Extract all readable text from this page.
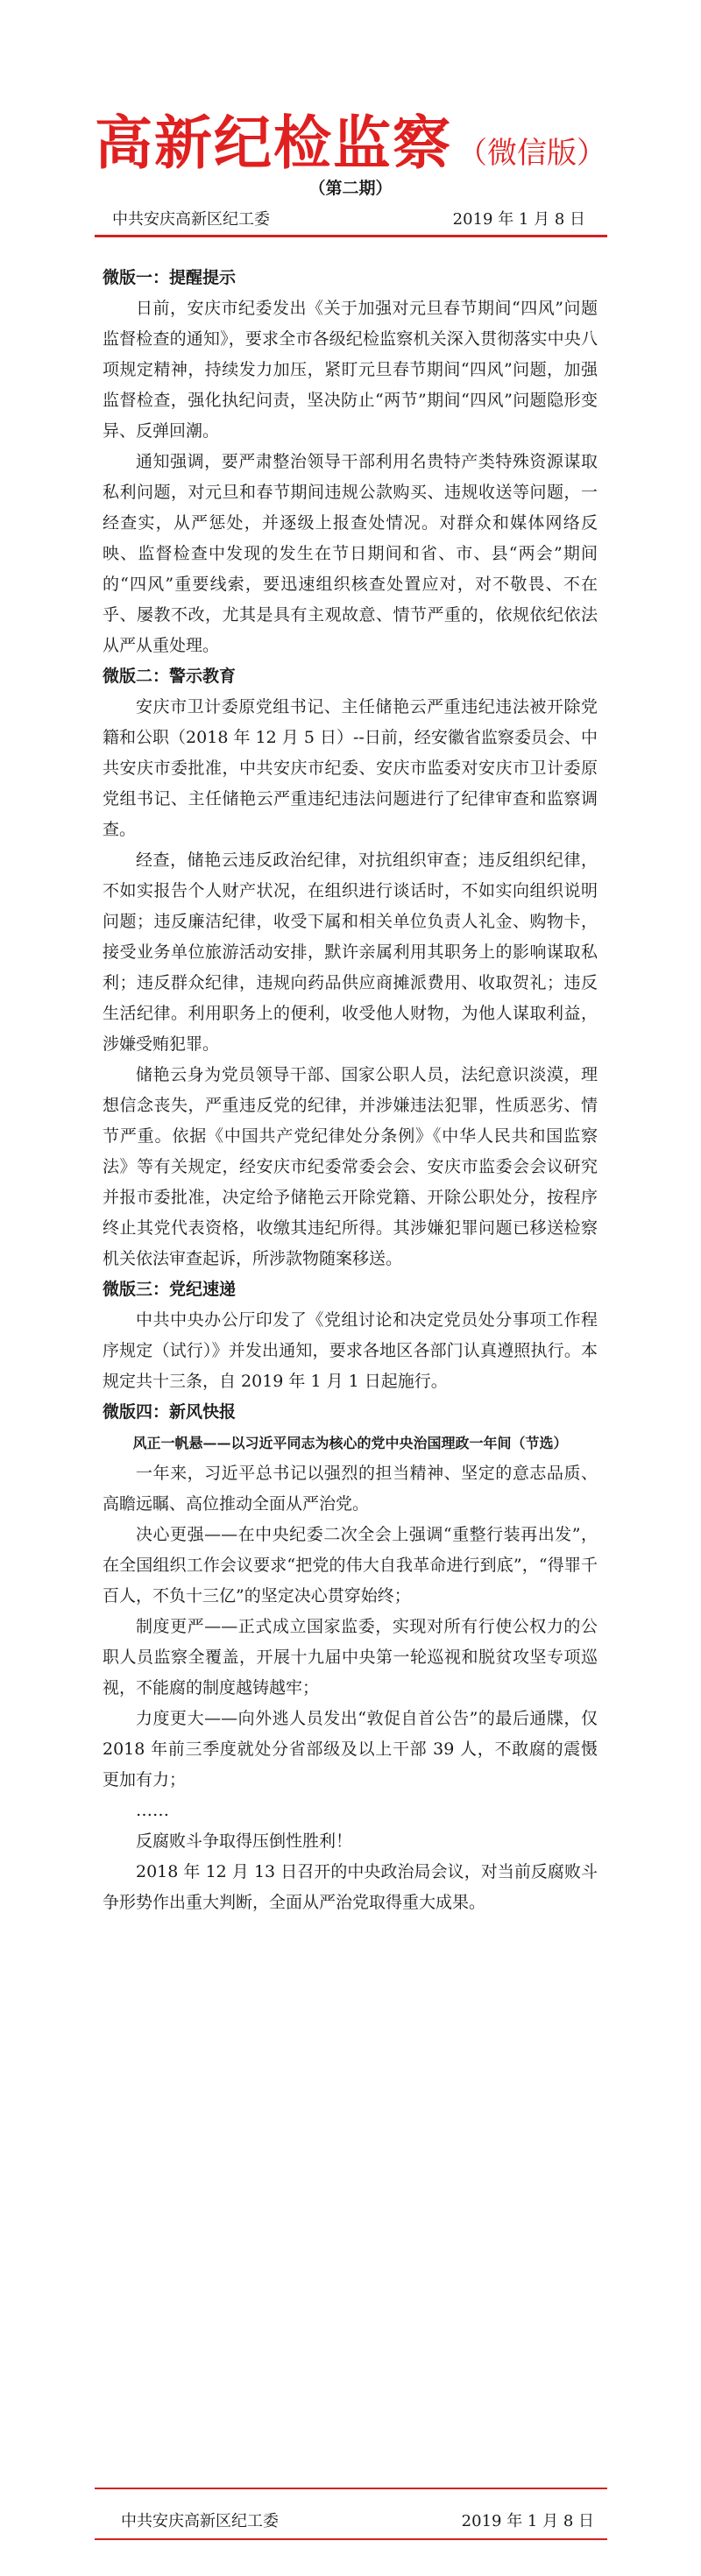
高新纪检监察 （微信版）
（第二期）
中共安庆高新区纪工委	2019 年 1 月 8 日
微版一：提醒提示

日前，安庆市纪委发出《关于加强对元旦春节期间“四风”问题监督检查的通知》，要求全市各级纪检监察机关深入贯彻落实中央八项规定精神，持续发力加压，紧盯元旦春节期间“四风”问题，加强监督检查，强化执纪问责，坚决防止“两节”期间“四风”问题隐形变异、反弹回潮。

通知强调，要严肃整治领导干部利用名贵特产类特殊资源谋取私利问题，对元旦和春节期间违规公款购买、违规收送等问题，一经查实，从严惩处，并逐级上报查处情况。对群众和媒体网络反映、监督检查中发现的发生在节日期间和省、市、县“两会”期间的“四风”重要线索，要迅速组织核查处置应对，对不敬畏、不在乎、屡教不改，尤其是具有主观故意、情节严重的，依规依纪依法从严从重处理。

微版二：警示教育

安庆市卫计委原党组书记、主任储艳云严重违纪违法被开除党籍和公职（2018 年 12 月 5 日）--日前，经安徽省监察委员会、中共安庆市委批准，中共安庆市纪委、安庆市监委对安庆市卫计委原党组书记、主任储艳云严重违纪违法问题进行了纪律审查和监察调查。

经查，储艳云违反政治纪律，对抗组织审查；违反组织纪律，不如实报告个人财产状况，在组织进行谈话时，不如实向组织说明问题；违反廉洁纪律，收受下属和相关单位负责人礼金、购物卡，接受业务单位旅游活动安排，默许亲属利用其职务上的影响谋取私利；违反群众纪律，违规向药品供应商摊派费用、收取贺礼；违反生活纪律。利用职务上的便利，收受他人财物，为他人谋取利益，涉嫌受贿犯罪。

储艳云身为党员领导干部、国家公职人员，法纪意识淡漠，理想信念丧失，严重违反党的纪律，并涉嫌违法犯罪，性质恶劣、情节严重。依据《中国共产党纪律处分条例》《中华人民共和国监察法》等有关规定，经安庆市纪委常委会会、安庆市监委会会议研究并报市委批准，决定给予储艳云开除党籍、开除公职处分，按程序终止其党代表资格，收缴其违纪所得。其涉嫌犯罪问题已移送检察机关依法审查起诉，所涉款物随案移送。

微版三：党纪速递

中共中央办公厅印发了《党组讨论和决定党员处分事项工作程序规定（试行）》并发出通知，要求各地区各部门认真遵照执行。本规定共十三条，自 2019 年 1 月 1 日起施行。

微版四：新风快报
风正一帆悬——以习近平同志为核心的党中央治国理政一年间（节选）

一年来，习近平总书记以强烈的担当精神、坚定的意志品质、高瞻远瞩、高位推动全面从严治党。

决心更强——在中央纪委二次全会上强调“重整行装再出发”，在全国组织工作会议要求“把党的伟大自我革命进行到底”，“得罪千百人，不负十三亿”的坚定决心贯穿始终；

制度更严——正式成立国家监委，实现对所有行使公权力的公职人员监察全覆盖，开展十九届中央第一轮巡视和脱贫攻坚专项巡视，不能腐的制度越铸越牢；

力度更大——向外逃人员发出“敦促自首公告”的最后通牒，仅 2018 年前三季度就处分省部级及以上干部 39 人，不敢腐的震慑更加有力；

……

反腐败斗争取得压倒性胜利！

2018 年 12 月 13 日召开的中央政治局会议，对当前反腐败斗争形势作出重大判断，全面从严治党取得重大成果。

中共安庆高新区纪工委	2019 年 1 月 8 日
